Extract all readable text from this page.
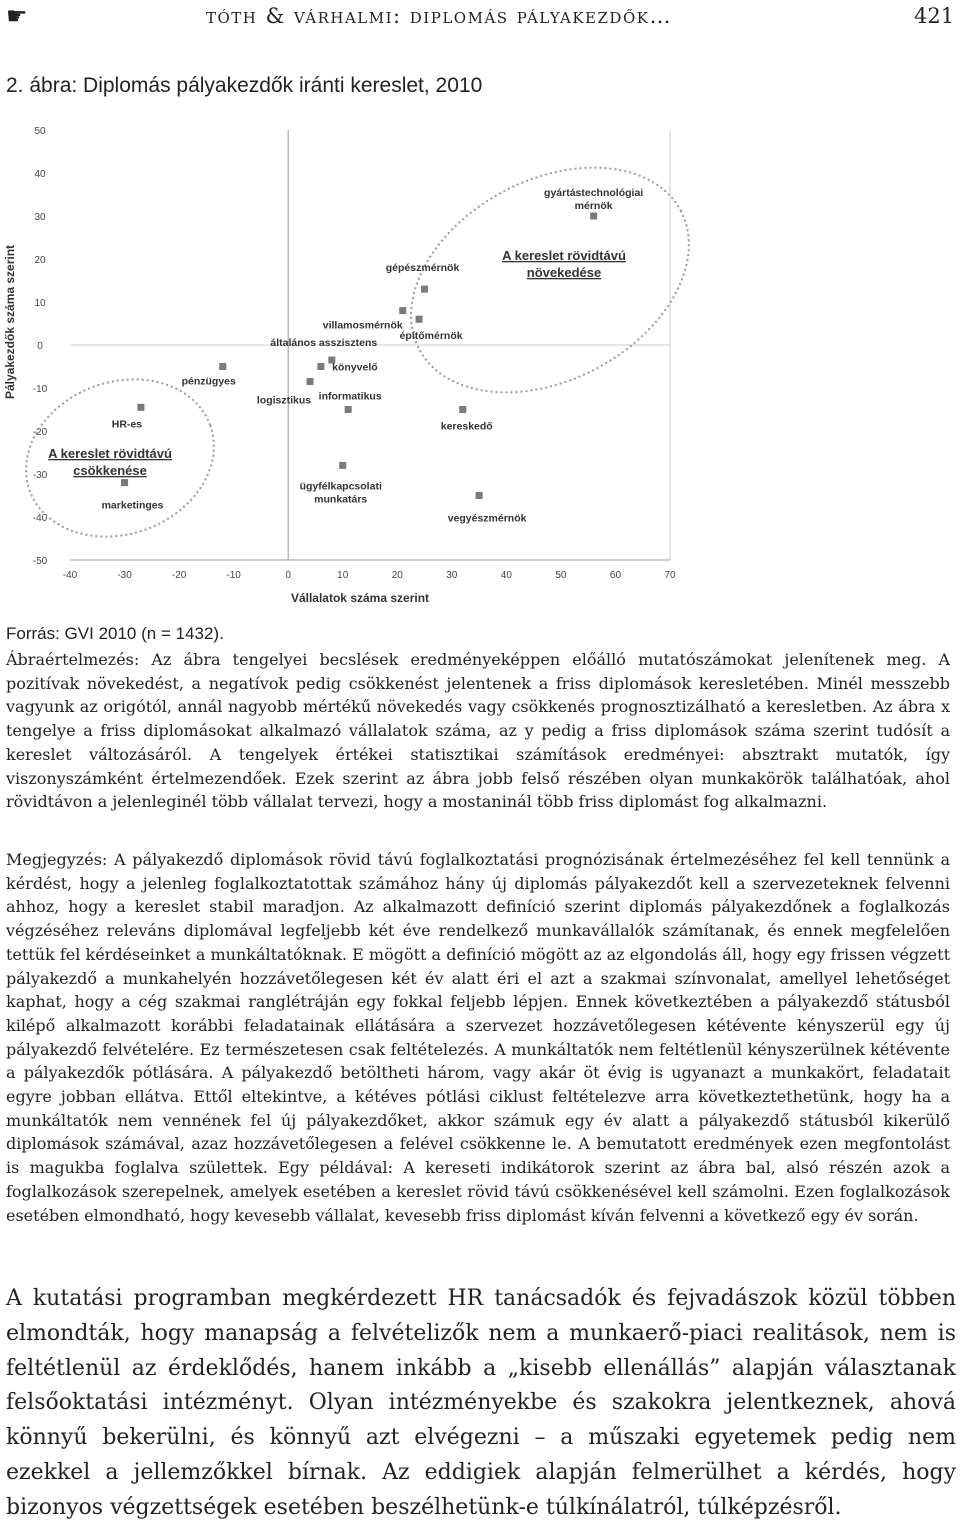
☛	tóth & várhalmi: diplomás pályakezdők…	421
2. ábra: Diplomás pályakezdők iránti kereslet, 2010
-40	-30	-20	-10	0	10	20	30	40	50	60	70
-50
-40
-30
-20
-10
0
10
20
30
40
50
Vállalatok száma szerint
Pályakezdők száma szerint
gyártástechnológiai mérnök
gépészmérnök
villamosmérnök
építőmérnök
általános asszisztens
könyvelő
pénzügyes
logisztikus informatikus
kereskedő
HR-es
ügyfélkapcsolati munkatárs
marketinges
vegyészmérnök
A kereslet rövidtávú
növekedése
A kereslet rövidtávú
csökkenése

Forrás: GVI 2010 (n = 1432).

Ábraértelmezés: Az ábra tengelyei becslések eredményeképpen előálló mutatószámokat jelenítenek meg. A pozitívak növekedést, a negatívok pedig csökkenést jelentenek a friss diplomások keresletében. Minél messzebb vagyunk az origótól, annál nagyobb mértékű növekedés vagy csökkenés prognosztizálható a keresletben. Az ábra x tengelye a friss diplomásokat alkalmazó vállalatok száma, az y pedig a friss diplomások száma szerint tudósít a kereslet változásáról. A tengelyek értékei statisztikai számítások eredményei: absztrakt mutatók, így viszonyszámként értelmezendőek. Ezek szerint az ábra jobb felső részében olyan munkakörök találhatóak, ahol rövidtávon a jelenleginél több vállalat tervezi, hogy a mostaninál több friss diplomást fog alkalmazni.

Megjegyzés: A pályakezdő diplomások rövid távú foglalkoztatási prognózisának értelmezéséhez fel kell tennünk a kérdést, hogy a jelenleg foglalkoztatottak számához hány új diplomás pályakezdőt kell a szervezeteknek felvenni ahhoz, hogy a kereslet stabil maradjon. Az alkalmazott definíció szerint diplomás pályakezdőnek a foglalkozás végzéséhez releváns diplomával legfeljebb két éve rendelkező munkavállalók számítanak, és ennek megfelelően tettük fel kérdéseinket a munkáltatóknak. E mögött a definíció mögött az az elgondolás áll, hogy egy frissen végzett pályakezdő a munkahelyén hozzávetőlegesen két év alatt éri el azt a szakmai színvonalat, amellyel lehetőséget kaphat, hogy a cég szakmai ranglétráján egy fokkal feljebb lépjen. Ennek következtében a pályakezdő státusból kilépő alkalmazott korábbi feladatainak ellátására a szervezet hozzávetőlegesen kétévente kényszerül egy új pályakezdő felvételére. Ez természetesen csak feltételezés. A munkáltatók nem feltétlenül kényszerülnek kétévente a pályakezdők pótlására. A pályakezdő betöltheti három, vagy akár öt évig is ugyanazt a munkakört, feladatait egyre jobban ellátva. Ettől eltekintve, a kétéves pótlási ciklust feltételezve arra következtethetünk, hogy ha a munkáltatók nem vennének fel új pályakezdőket, akkor számuk egy év alatt a pályakezdő státusból kikerülő diplomások számával, azaz hozzávetőlegesen a felével csökkenne le. A bemutatott eredmények ezen megfontolást is magukba foglalva születtek. Egy példával: A kereseti indikátorok szerint az ábra bal, alsó részén azok a foglalkozások szerepelnek, amelyek esetében a kereslet rövid távú csökkenésével kell számolni. Ezen foglalkozások esetében elmondható, hogy kevesebb vállalat, kevesebb friss diplomást kíván felvenni a következő egy év során.

A kutatási programban megkérdezett HR tanácsadók és fejvadászok közül többen elmondták, hogy manapság a felvételizők nem a munkaerő-piaci realitások, nem is feltétlenül az érdeklődés, hanem inkább a „kisebb ellenállás” alapján választanak felsőoktatási intézményt. Olyan intézményekbe és szakokra jelentkeznek, ahová könnyű bekerülni, és könnyű azt elvégezni – a műszaki egyetemek pedig nem ezekkel a jellemzőkkel bírnak. Az eddigiek alapján felmerülhet a kérdés, hogy bizonyos végzettségek esetében beszélhetünk-e túlkínálatról, túlképzésről.
